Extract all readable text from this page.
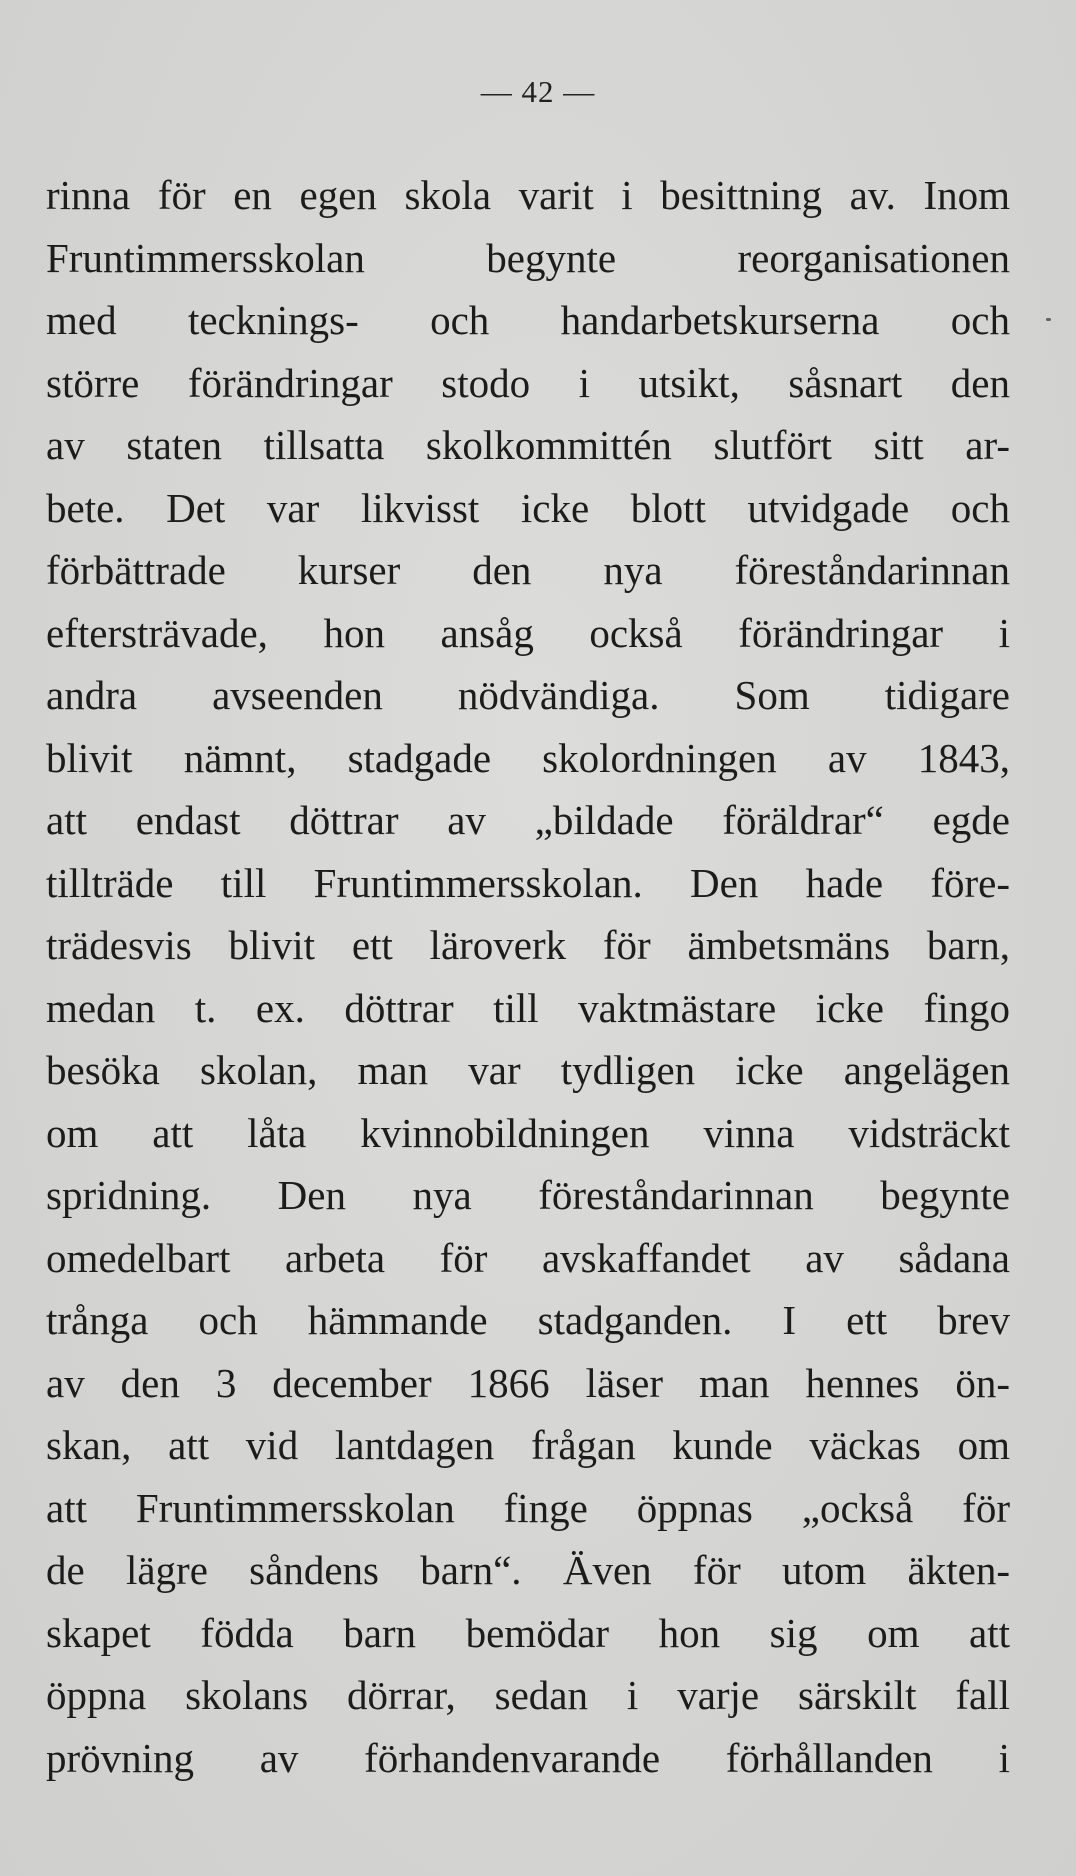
— 42 —
rinna för en egen skola varit i besittning av. Inom
Fruntimmersskolan begynte reorganisationen
med tecknings- och handarbetskurserna och
större förändringar stodo i utsikt, såsnart den
av staten tillsatta skolkommittén slutfört sitt ar-
bete. Det var likvisst icke blott utvidgade och
förbättrade kurser den nya föreståndarinnan
eftersträvade, hon ansåg också förändringar i
andra avseenden nödvändiga. Som tidigare
blivit nämnt, stadgade skolordningen av 1843,
att endast döttrar av „bildade föräldrar“ egde
tillträde till Fruntimmersskolan. Den hade före-
trädesvis blivit ett läroverk för ämbetsmäns barn,
medan t. ex. döttrar till vaktmästare icke fingo
besöka skolan, man var tydligen icke angelägen
om att låta kvinnobildningen vinna vidsträckt
spridning. Den nya föreståndarinnan begynte
omedelbart arbeta för avskaffandet av sådana
trånga och hämmande stadganden. I ett brev
av den 3 december 1866 läser man hennes ön-
skan, att vid lantdagen frågan kunde väckas om
att Fruntimmersskolan finge öppnas „också för
de lägre såndens barn“. Även för utom äkten-
skapet födda barn bemödar hon sig om att
öppna skolans dörrar, sedan i varje särskilt fall
prövning av förhandenvarande förhållanden i
